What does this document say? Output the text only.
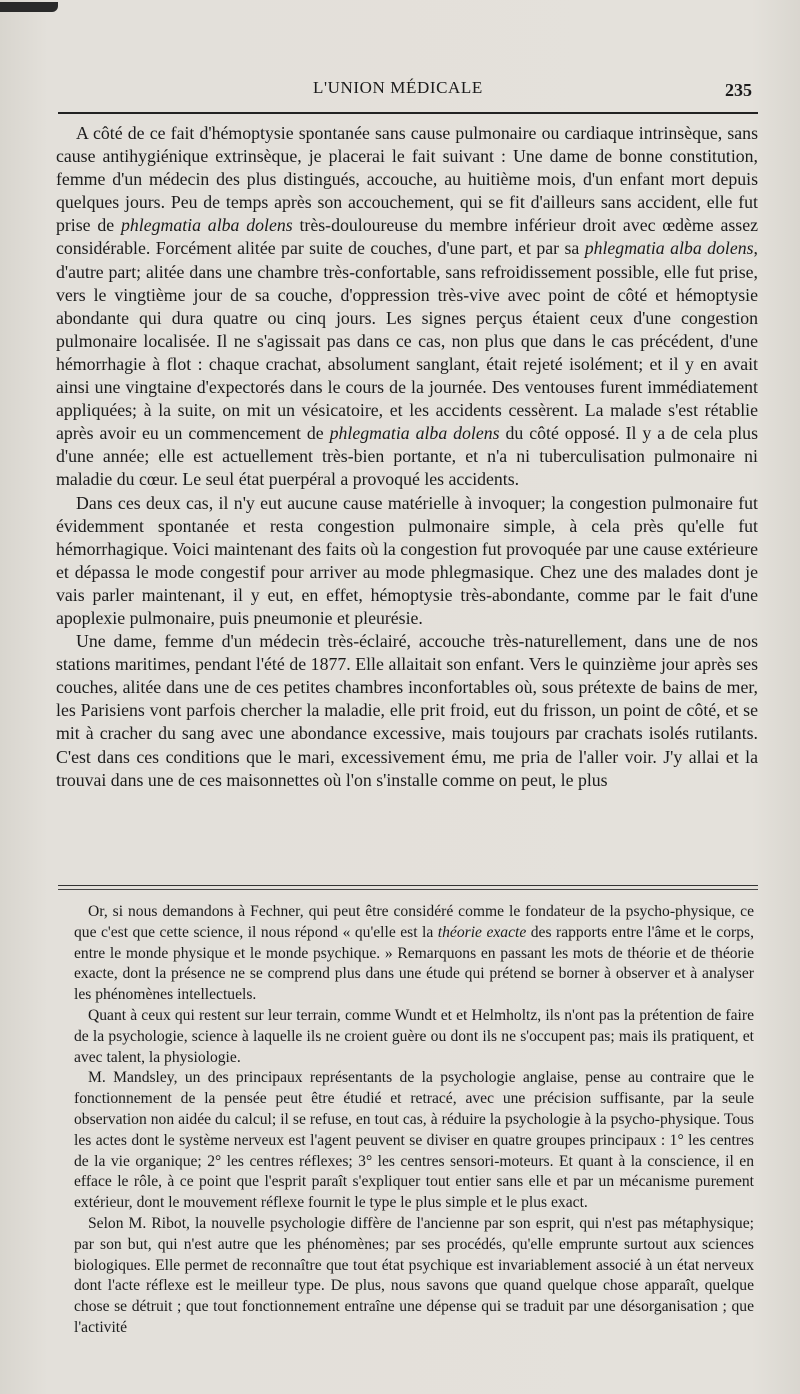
L'UNION MÉDICALE	235

A côté de ce fait d'hémoptysie spontanée sans cause pulmonaire ou cardiaque intrinsèque, sans cause antihygiénique extrinsèque, je placerai le fait suivant : Une dame de bonne constitution, femme d'un médecin des plus distingués, accouche, au huitième mois, d'un enfant mort depuis quelques jours. Peu de temps après son accouchement, qui se fit d'ailleurs sans accident, elle fut prise de phlegmatia alba dolens très-douloureuse du membre inférieur droit avec œdème assez considérable. Forcément alitée par suite de couches, d'une part, et par sa phlegmatia alba dolens, d'autre part; alitée dans une chambre très-confortable, sans refroidissement possible, elle fut prise, vers le vingtième jour de sa couche, d'oppression très-vive avec point de côté et hémoptysie abondante qui dura quatre ou cinq jours. Les signes perçus étaient ceux d'une congestion pulmonaire localisée. Il ne s'agissait pas dans ce cas, non plus que dans le cas précédent, d'une hémorrhagie à flot : chaque crachat, absolument sanglant, était rejeté isolément; et il y en avait ainsi une vingtaine d'expectorés dans le cours de la journée. Des ventouses furent immédiatement appliquées; à la suite, on mit un vésicatoire, et les accidents cessèrent. La malade s'est rétablie après avoir eu un commencement de phlegmatia alba dolens du côté opposé. Il y a de cela plus d'une année; elle est actuellement très-bien portante, et n'a ni tuberculisation pulmonaire ni maladie du cœur. Le seul état puerpéral a provoqué les accidents.

Dans ces deux cas, il n'y eut aucune cause matérielle à invoquer; la congestion pulmonaire fut évidemment spontanée et resta congestion pulmonaire simple, à cela près qu'elle fut hémorrhagique. Voici maintenant des faits où la congestion fut provoquée par une cause extérieure et dépassa le mode congestif pour arriver au mode phlegmasique. Chez une des malades dont je vais parler maintenant, il y eut, en effet, hémoptysie très-abondante, comme par le fait d'une apoplexie pulmonaire, puis pneumonie et pleurésie.

Une dame, femme d'un médecin très-éclairé, accouche très-naturellement, dans une de nos stations maritimes, pendant l'été de 1877. Elle allaitait son enfant. Vers le quinzième jour après ses couches, alitée dans une de ces petites chambres inconfortables où, sous prétexte de bains de mer, les Parisiens vont parfois chercher la maladie, elle prit froid, eut du frisson, un point de côté, et se mit à cracher du sang avec une abondance excessive, mais toujours par crachats isolés rutilants. C'est dans ces conditions que le mari, excessivement ému, me pria de l'aller voir. J'y allai et la trouvai dans une de ces maisonnettes où l'on s'installe comme on peut, le plus

Or, si nous demandons à Fechner, qui peut être considéré comme le fondateur de la psycho-physique, ce que c'est que cette science, il nous répond « qu'elle est la théorie exacte des rapports entre l'âme et le corps, entre le monde physique et le monde psychique. » Remarquons en passant les mots de théorie et de théorie exacte, dont la présence ne se comprend plus dans une étude qui prétend se borner à observer et à analyser les phénomènes intellectuels.

Quant à ceux qui restent sur leur terrain, comme Wundt et et Helmholtz, ils n'ont pas la prétention de faire de la psychologie, science à laquelle ils ne croient guère ou dont ils ne s'occupent pas; mais ils pratiquent, et avec talent, la physiologie.

M. Mandsley, un des principaux représentants de la psychologie anglaise, pense au contraire que le fonctionnement de la pensée peut être étudié et retracé, avec une précision suffisante, par la seule observation non aidée du calcul; il se refuse, en tout cas, à réduire la psychologie à la psycho-physique. Tous les actes dont le système nerveux est l'agent peuvent se diviser en quatre groupes principaux : 1° les centres de la vie organique; 2° les centres réflexes; 3° les centres sensori-moteurs. Et quant à la conscience, il en efface le rôle, à ce point que l'esprit paraît s'expliquer tout entier sans elle et par un mécanisme purement extérieur, dont le mouvement réflexe fournit le type le plus simple et le plus exact.

Selon M. Ribot, la nouvelle psychologie diffère de l'ancienne par son esprit, qui n'est pas métaphysique; par son but, qui n'est autre que les phénomènes; par ses procédés, qu'elle emprunte surtout aux sciences biologiques. Elle permet de reconnaître que tout état psychique est invariablement associé à un état nerveux dont l'acte réflexe est le meilleur type. De plus, nous savons que quand quelque chose apparaît, quelque chose se détruit ; que tout fonctionnement entraîne une dépense qui se traduit par une désorganisation ; que l'activité
